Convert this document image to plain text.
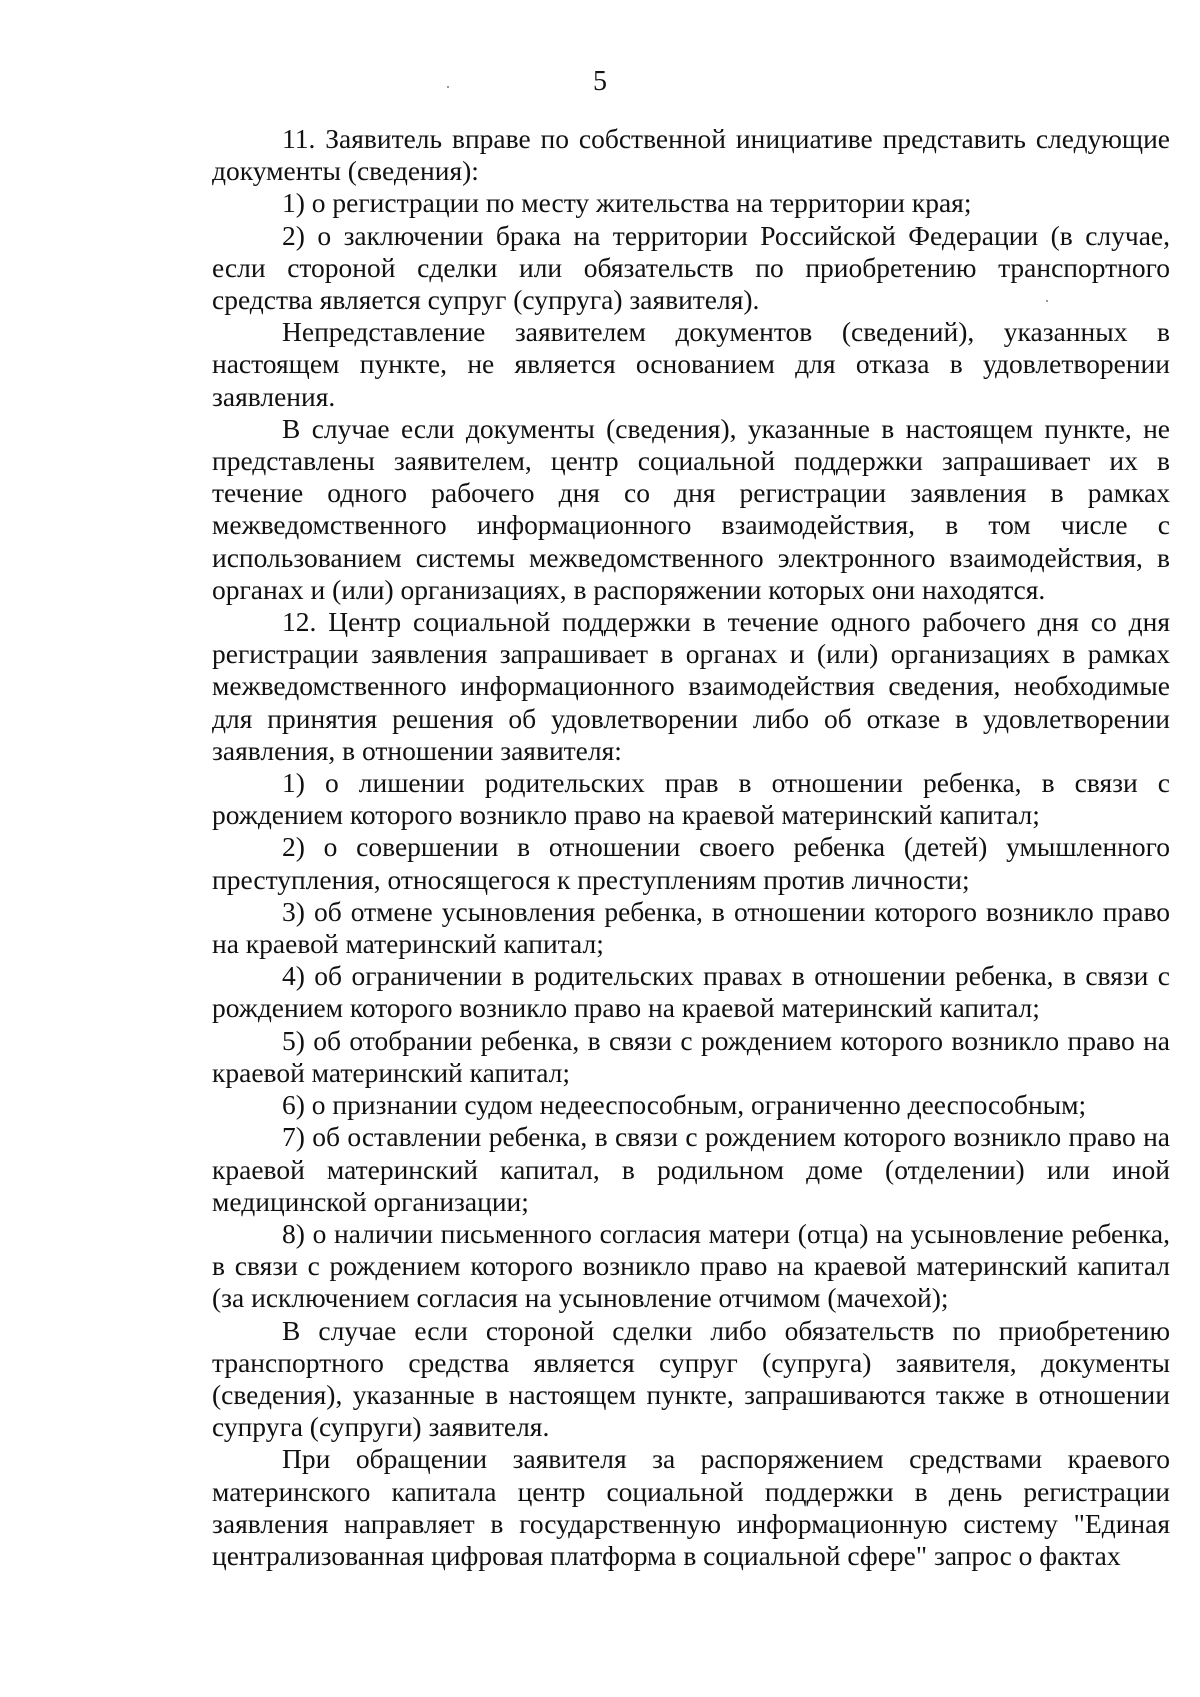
5

11. Заявитель вправе по собственной инициативе представить следующие документы (сведения):

1) о регистрации по месту жительства на территории края;

2) о заключении брака на территории Российской Федерации (в случае, если стороной сделки или обязательств по приобретению транспортного средства является супруг (супруга) заявителя).

Непредставление заявителем документов (сведений), указанных в настоящем пункте, не является основанием для отказа в удовлетворении заявления.

В случае если документы (сведения), указанные в настоящем пункте, не представлены заявителем, центр социальной поддержки запрашивает их в течение одного рабочего дня со дня регистрации заявления в рамках межведомственного информационного взаимодействия, в том числе с использованием системы межведомственного электронного взаимодействия, в органах и (или) организациях, в распоряжении которых они находятся.

12. Центр социальной поддержки в течение одного рабочего дня со дня регистрации заявления запрашивает в органах и (или) организациях в рамках межведомственного информационного взаимодействия сведения, необходимые для принятия решения об удовлетворении либо об отказе в удовлетворении заявления, в отношении заявителя:

1) о лишении родительских прав в отношении ребенка, в связи с рождением которого возникло право на краевой материнский капитал;

2) о совершении в отношении своего ребенка (детей) умышленного преступления, относящегося к преступлениям против личности;

3) об отмене усыновления ребенка, в отношении которого возникло право на краевой материнский капитал;

4) об ограничении в родительских правах в отношении ребенка, в связи с рождением которого возникло право на краевой материнский капитал;

5) об отобрании ребенка, в связи с рождением которого возникло право на краевой материнский капитал;

6) о признании судом недееспособным, ограниченно дееспособным;

7) об оставлении ребенка, в связи с рождением которого возникло право на краевой материнский капитал, в родильном доме (отделении) или иной медицинской организации;

8) о наличии письменного согласия матери (отца) на усыновление ребенка, в связи с рождением которого возникло право на краевой материнский капитал (за исключением согласия на усыновление отчимом (мачехой);

В случае если стороной сделки либо обязательств по приобретению транспортного средства является супруг (супруга) заявителя, документы (сведения), указанные в настоящем пункте, запрашиваются также в отношении супруга (супруги) заявителя.

При обращении заявителя за распоряжением средствами краевого материнского капитала центр социальной поддержки в день регистрации заявления направляет в государственную информационную систему "Единая централизованная цифровая платформа в социальной сфере" запрос о фактах
